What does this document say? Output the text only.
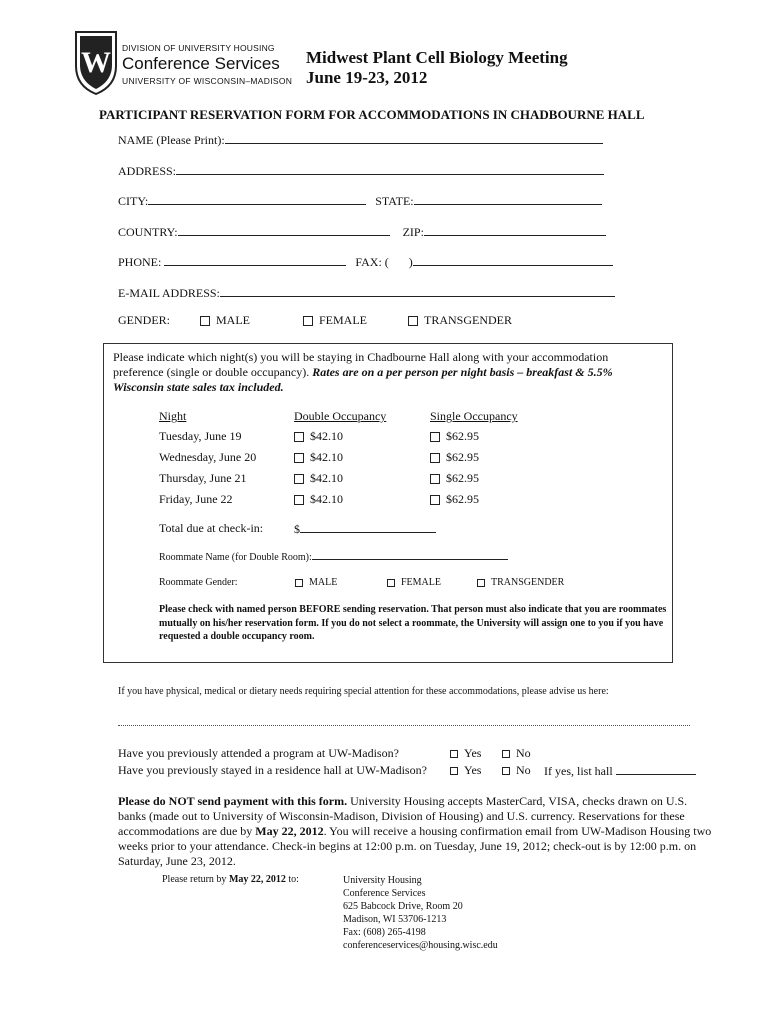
W DIVISION OF UNIVERSITY HOUSING
Conference Services
UNIVERSITY OF WISCONSIN–MADISON
Midwest Plant Cell Biology Meeting
June 19-23, 2012
PARTICIPANT RESERVATION FORM FOR ACCOMMODATIONS IN CHADBOURNE HALL
NAME (Please Print):
ADDRESS:
CITY:	STATE:
COUNTRY:	ZIP:
PHONE:	FAX: ( )
E-MAIL ADDRESS:
GENDER:	MALE	FEMALE	TRANSGENDER
Please indicate which night(s) you will be staying in Chadbourne Hall along with your accommodation preference (single or double occupancy). Rates are on a per person per night basis – breakfast & 5.5% Wisconsin state sales tax included.
Night	Double Occupancy	Single Occupancy
Tuesday, June 19	$42.10	$62.95
Wednesday, June 20	$42.10	$62.95
Thursday, June 21	$42.10	$62.95
Friday, June 22	$42.10	$62.95
Total due at check-in:	$
Roommate Name (for Double Room):
Roommate Gender:	MALE	FEMALE	TRANSGENDER
Please check with named person BEFORE sending reservation. That person must also indicate that you are roommates mutually on his/her reservation form. If you do not select a roommate, the University will assign one to you if you have requested a double occupancy room.
If you have physical, medical or dietary needs requiring special attention for these accommodations, please advise us here:
Have you previously attended a program at UW-Madison?	Yes	No
Have you previously stayed in a residence hall at UW-Madison?	Yes	No If yes, list hall
Please do NOT send payment with this form. University Housing accepts MasterCard, VISA, checks drawn on U.S. banks (made out to University of Wisconsin-Madison, Division of Housing) and U.S. currency. Reservations for these accommodations are due by May 22, 2012. You will receive a housing confirmation email from UW-Madison Housing two weeks prior to your attendance. Check-in begins at 12:00 p.m. on Tuesday, June 19, 2012; check-out is by 12:00 p.m. on Saturday, June 23, 2012.
Please return by May 22, 2012 to:	University Housing
Conference Services
625 Babcock Drive, Room 20
Madison, WI 53706-1213
Fax: (608) 265-4198
conferenceservices@housing.wisc.edu
